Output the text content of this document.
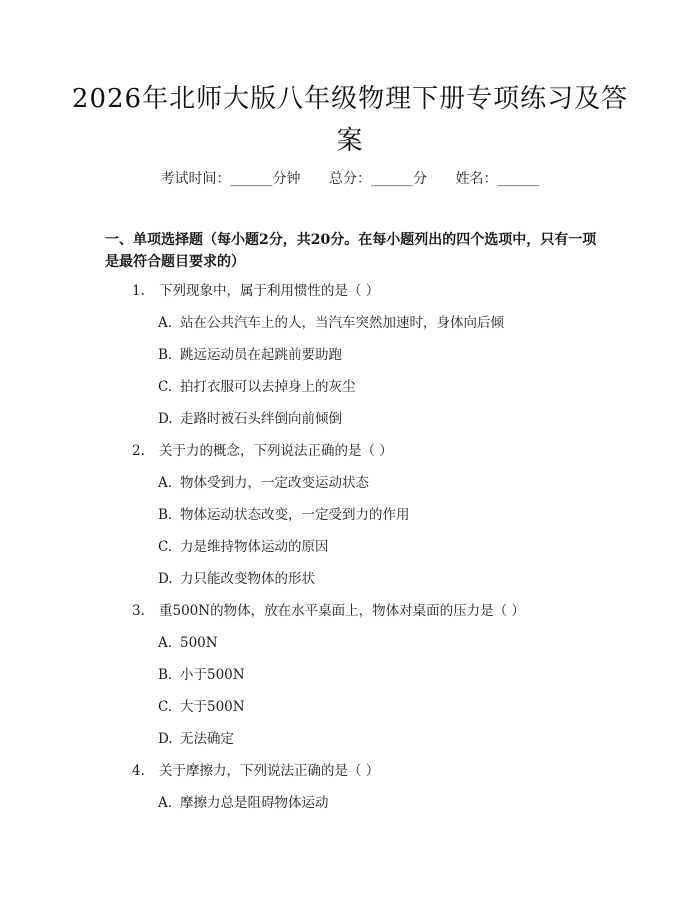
2026年北师大版八年级物理下册专项练习及答案
考试时间：______分钟 总分：______分 姓名：______
一、单项选择题（每小题2分，共20分。在每小题列出的四个选项中，只有一项是最符合题目要求的）
1. 下列现象中，属于利用惯性的是（ ）
A. 站在公共汽车上的人，当汽车突然加速时，身体向后倾
B. 跳远运动员在起跳前要助跑
C. 拍打衣服可以去掉身上的灰尘
D. 走路时被石头绊倒向前倾倒
2. 关于力的概念，下列说法正确的是（ ）
A. 物体受到力，一定改变运动状态
B. 物体运动状态改变，一定受到力的作用
C. 力是维持物体运动的原因
D. 力只能改变物体的形状
3. 重500N的物体，放在水平桌面上，物体对桌面的压力是（ ）
A. 500N
B. 小于500N
C. 大于500N
D. 无法确定
4. 关于摩擦力，下列说法正确的是（ ）
A. 摩擦力总是阻碍物体运动
